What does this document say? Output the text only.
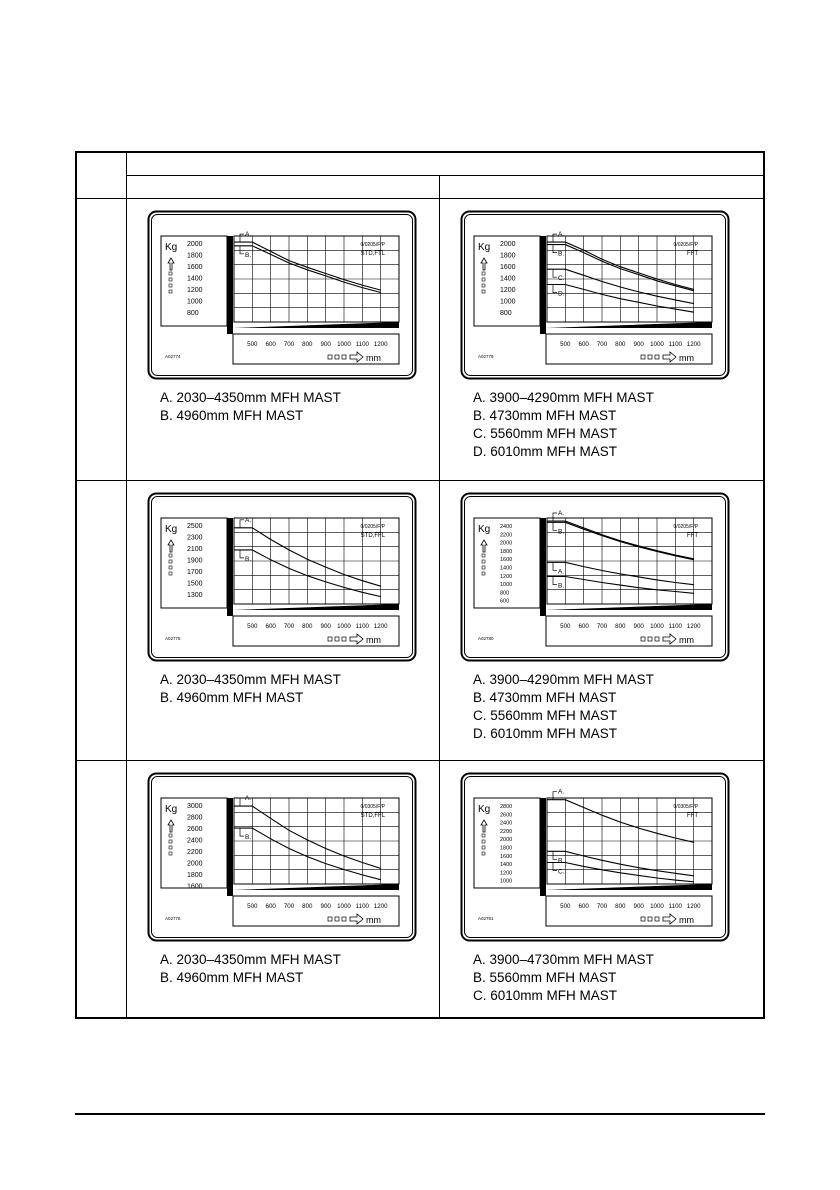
Kg 2000
1800
1600
1400
1200
1000
800
500 600 700 800 900 1000 1100 1200
mm
A02774
0/0205/F/P
STD,FTL
A.
B.
A. 2030–4350mm MFH MAST
B. 4960mm MFH MAST
Kg 2000
1800
1600
1400
1200
1000
800
500 600 700 800 900 1000 1100 1200
mm
A02779
0/0205/F/P
FFT
A.
B.
C.
D.
A. 3900–4290mm MFH MAST
B. 4730mm MFH MAST
C. 5560mm MFH MAST
D. 6010mm MFH MAST
Kg 2500
2300
2100
1900
1700
1500
1300
500 600 700 800 900 1000 1100 1200
mm
A02775
0/0205/F/P
STD,FFL
A.
B.
A. 2030–4350mm MFH MAST
B. 4960mm MFH MAST
Kg 2400
2200
2000
1800
1600
1400
1200
1000
800
600
500 600 700 800 900 1000 1100 1200
mm
A02780
0/0205/F/P
FFT
A.
B.
A.
B.
A. 3900–4290mm MFH MAST
B. 4730mm MFH MAST
C. 5560mm MFH MAST
D. 6010mm MFH MAST
Kg 3000
2800
2600
2400
2200
2000
1800
1600
500 600 700 800 900 1000 1100 1200
mm
A02776
0/0305/F/P
STD,FFL
A.
B.
A. 2030–4350mm MFH MAST
B. 4960mm MFH MAST
Kg 2800
2600
2400
2200
2000
1800
1600
1400
1200
1000
500 600 700 800 900 1000 1100 1200
mm
A02781
0/0305/F/P
FFT
A.
B.
C.
A. 3900–4730mm MFH MAST
B. 5560mm MFH MAST
C. 6010mm MFH MAST
